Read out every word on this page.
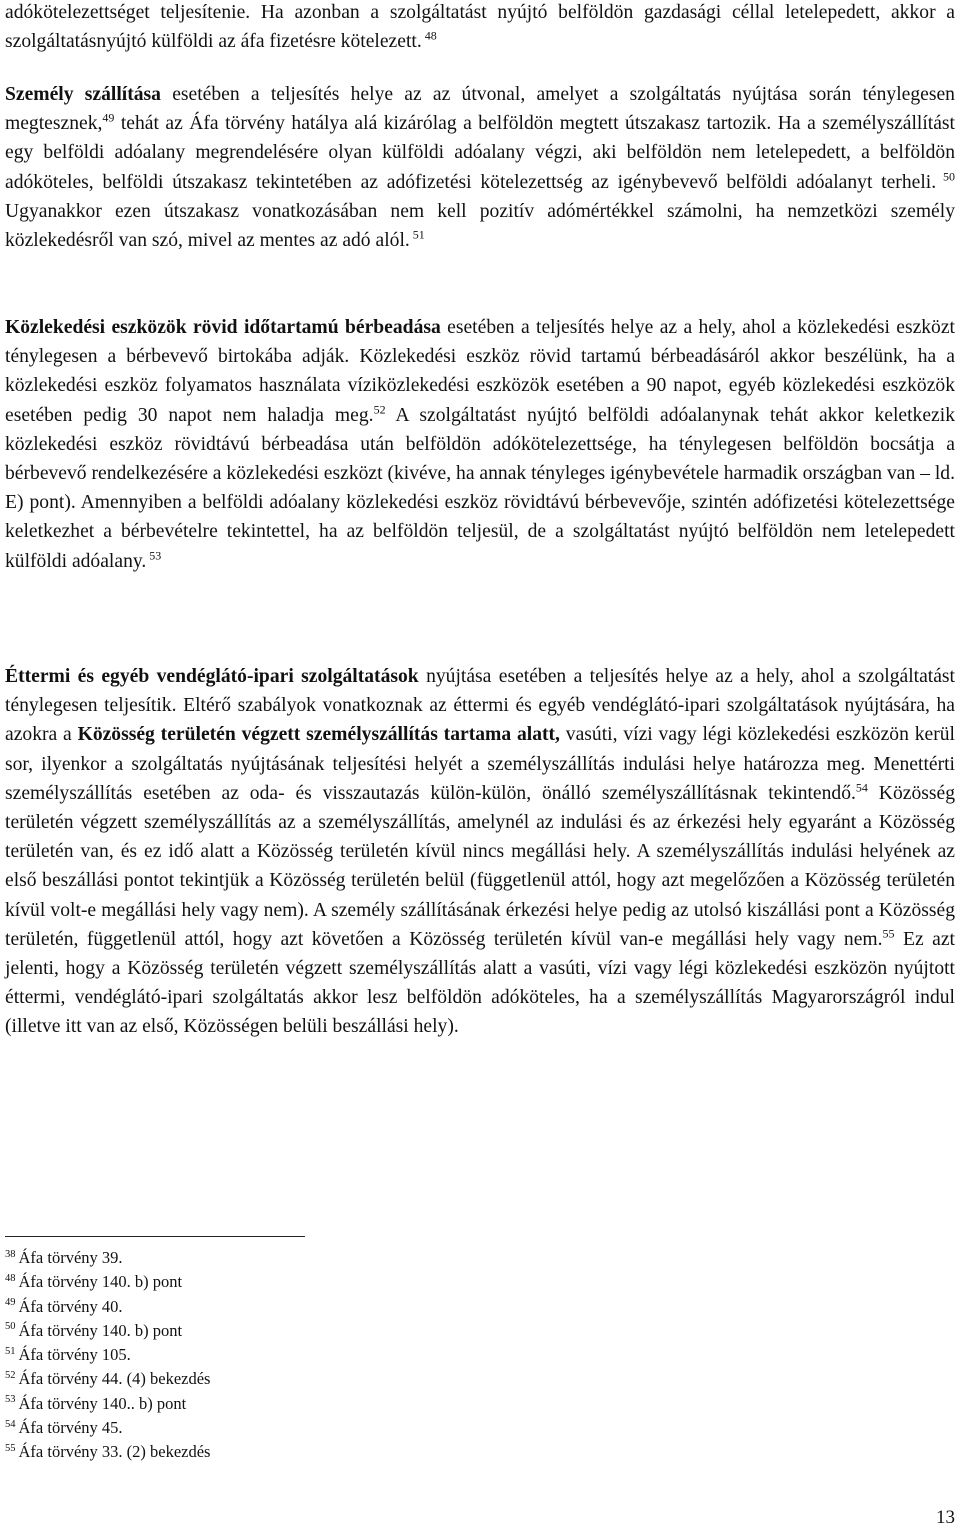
adókötelezettséget teljesítenie. Ha azonban a szolgáltatást nyújtó belföldön gazdasági céllal letelepedett, akkor a szolgáltatásnyújtó külföldi az áfa fizetésre kötelezett. $^{48}$

Személy szállítása esetében a teljesítés helye az az útvonal, amelyet a szolgáltatás nyújtása során ténylegesen megtesznek,$^{49}$ tehát az Áfa törvény hatálya alá kizárólag a belföldön megtett útszakasz tartozik. Ha a személyszállítást egy belföldi adóalany megrendelésére olyan külföldi adóalany végzi, aki belföldön nem letelepedett, a belföldön adóköteles, belföldi útszakasz tekintetében az adófizetési kötelezettség az igénybevevő belföldi adóalanyt terheli. $^{50}$ Ugyanakkor ezen útszakasz vonatkozásában nem kell pozitív adómértékkel számolni, ha nemzetközi személy közlekedésről van szó, mivel az mentes az adó alól. $^{51}$

Közlekedési eszközök rövid időtartamú bérbeadása esetében a teljesítés helye az a hely, ahol a közlekedési eszközt ténylegesen a bérbevevő birtokába adják. Közlekedési eszköz rövid tartamú bérbeadásáról akkor beszélünk, ha a közlekedési eszköz folyamatos használata víziközlekedési eszközök esetében a 90 napot, egyéb közlekedési eszközök esetében pedig 30 napot nem haladja meg.$^{52}$ A szolgáltatást nyújtó belföldi adóalanynak tehát akkor keletkezik közlekedési eszköz rövidtávú bérbeadása után belföldön adókötelezettsége, ha ténylegesen belföldön bocsátja a bérbevevő rendelkezésére a közlekedési eszközt (kivéve, ha annak tényleges igénybevétele harmadik országban van – ld. E) pont). Amennyiben a belföldi adóalany közlekedési eszköz rövidtávú bérbevevője, szintén adófizetési kötelezettsége keletkezhet a bérbevételre tekintettel, ha az belföldön teljesül, de a szolgáltatást nyújtó belföldön nem letelepedett külföldi adóalany. $^{53}$

Éttermi és egyéb vendéglátó-ipari szolgáltatások nyújtása esetében a teljesítés helye az a hely, ahol a szolgáltatást ténylegesen teljesítik. Eltérő szabályok vonatkoznak az éttermi és egyéb vendéglátó-ipari szolgáltatások nyújtására, ha azokra a Közösség területén végzett személyszállítás tartama alatt, vasúti, vízi vagy légi közlekedési eszközön kerül sor, ilyenkor a szolgáltatás nyújtásának teljesítési helyét a személyszállítás indulási helye határozza meg. Menettérti személyszállítás esetében az oda- és visszautazás külön-külön, önálló személyszállításnak tekintendő.$^{54}$ Közösség területén végzett személyszállítás az a személyszállítás, amelynél az indulási és az érkezési hely egyaránt a Közösség területén van, és ez idő alatt a Közösség területén kívül nincs megállási hely. A személyszállítás indulási helyének az első beszállási pontot tekintjük a Közösség területén belül (függetlenül attól, hogy azt megelőzően a Közösség területén kívül volt-e megállási hely vagy nem). A személy szállításának érkezési helye pedig az utolsó kiszállási pont a Közösség területén, függetlenül attól, hogy azt követően a Közösség területén kívül van-e megállási hely vagy nem.$^{55}$ Ez azt jelenti, hogy a Közösség területén végzett személyszállítás alatt a vasúti, vízi vagy légi közlekedési eszközön nyújtott éttermi, vendéglátó-ipari szolgáltatás akkor lesz belföldön adóköteles, ha a személyszállítás Magyarországról indul (illetve itt van az első, Közösségen belüli beszállási hely).

$^{38}$ Áfa törvény 39.
$^{48}$ Áfa törvény 140. b) pont
$^{49}$ Áfa törvény 40.
$^{50}$ Áfa törvény 140. b) pont
$^{51}$ Áfa törvény 105.
$^{52}$ Áfa törvény 44. (4) bekezdés
$^{53}$ Áfa törvény 140.. b) pont
$^{54}$ Áfa törvény 45.
$^{55}$ Áfa törvény 33. (2) bekezdés
13
